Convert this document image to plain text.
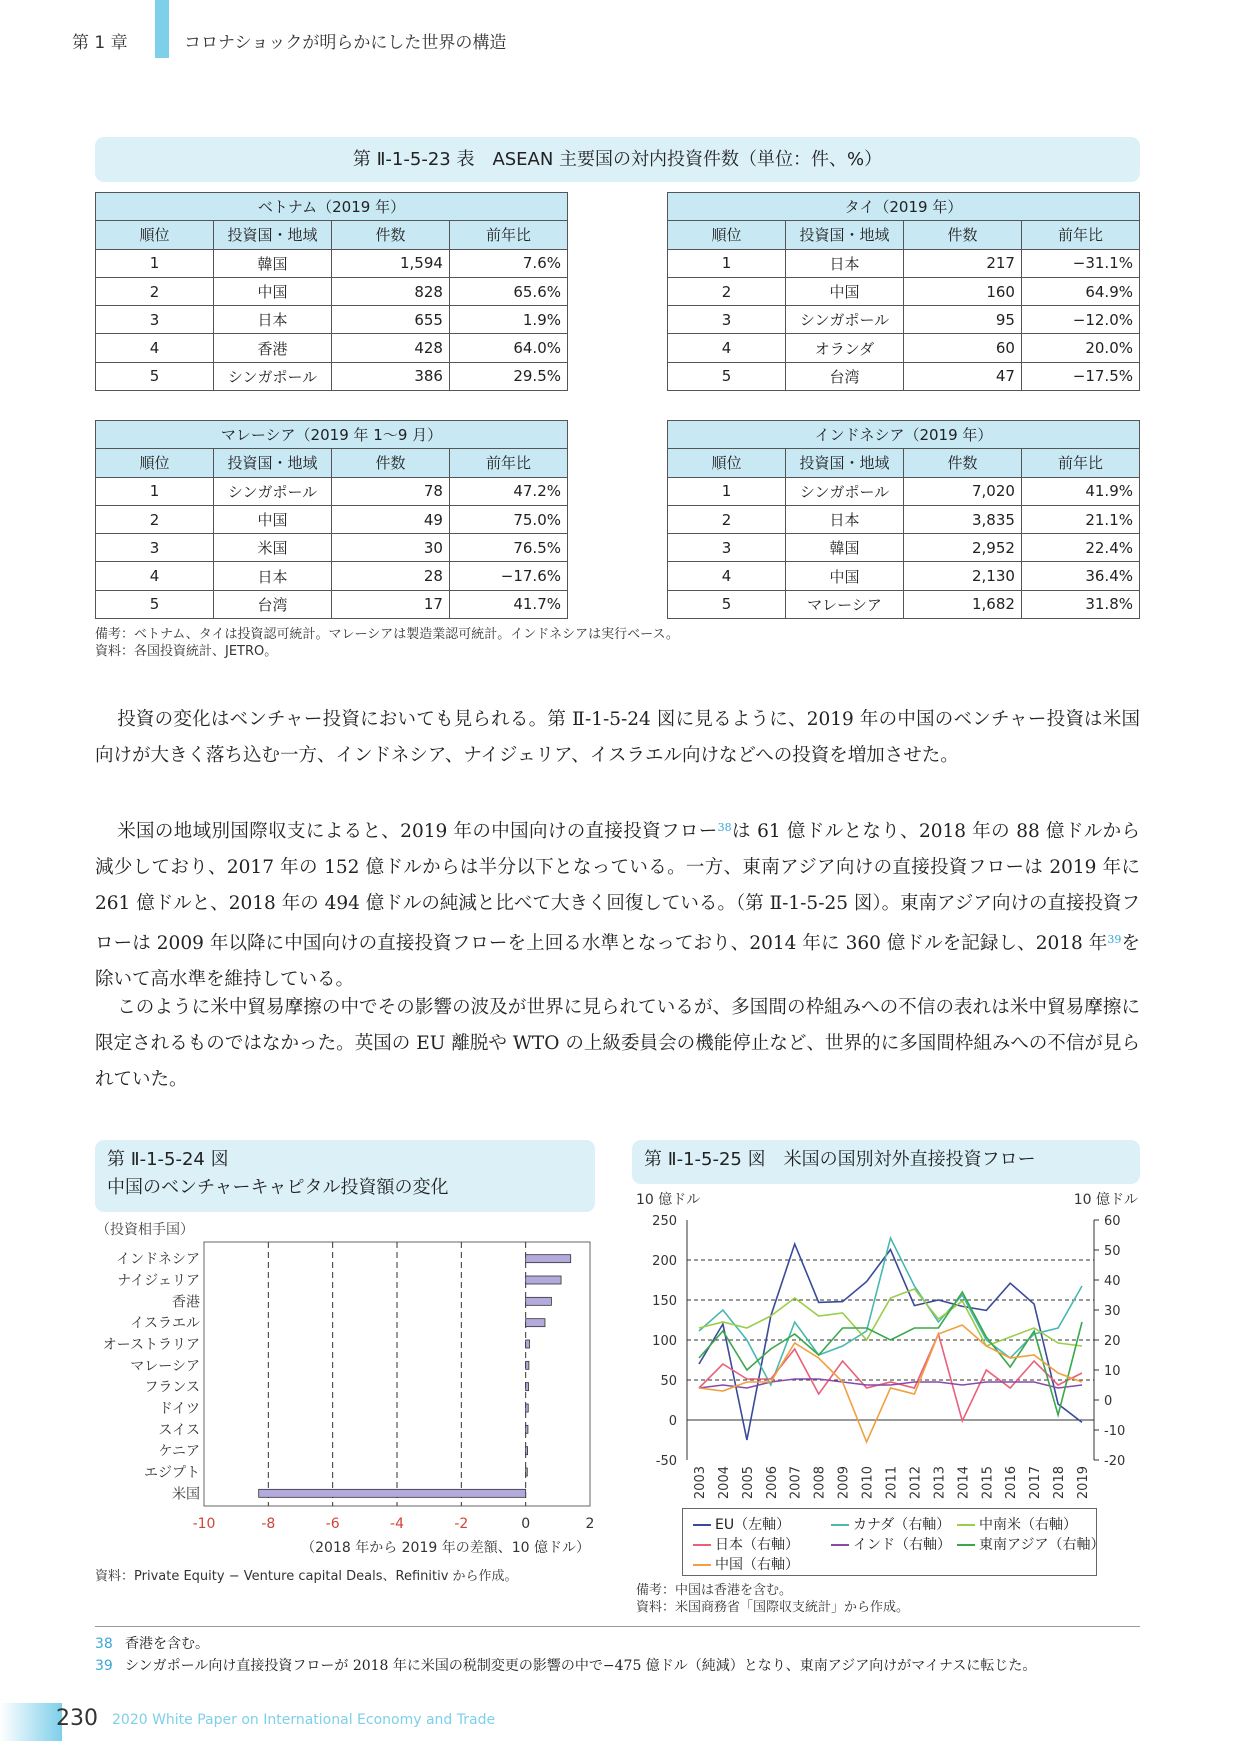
第 1 章	コロナショックが明らかにした世界の構造
第 Ⅱ-1-5-23 表　ASEAN 主要国の対内投資件数（単位：件、%）
ベトナム（2019 年）			
順位	投資国・地域	件数	前年比
1	韓国	1,594	7.6%
2	中国	828	65.6%
3	日本	655	1.9%
4	香港	428	64.0%
5	シンガポール	386	29.5%
タイ（2019 年）			
順位	投資国・地域	件数	前年比
1	日本	217	−31.1%
2	中国	160	64.9%
3	シンガポール	95	−12.0%
4	オランダ	60	20.0%
5	台湾	47	−17.5%
マレーシア（2019 年 1〜9 月）			
順位	投資国・地域	件数	前年比
1	シンガポール	78	47.2%
2	中国	49	75.0%
3	米国	30	76.5%
4	日本	28	−17.6%
5	台湾	17	41.7%
インドネシア（2019 年）			
順位	投資国・地域	件数	前年比
1	シンガポール	7,020	41.9%
2	日本	3,835	21.1%
3	韓国	2,952	22.4%
4	中国	2,130	36.4%
5	マレーシア	1,682	31.8%
備考：ベトナム、タイは投資認可統計。マレーシアは製造業認可統計。インドネシアは実行ベース。
資料：各国投資統計、JETRO。
投資の変化はベンチャー投資においても見られる。第 Ⅱ-1-5-24 図に見るように、2019 年の中国のベンチャー投資は米国向けが大きく落ち込む一方、インドネシア、ナイジェリア、イスラエル向けなどへの投資を増加させた。
米国の地域別国際収支によると、2019 年の中国向けの直接投資フロー$^{38}$は 61 億ドルとなり、2018 年の 88 億ドルから減少しており、2017 年の 152 億ドルからは半分以下となっている。一方、東南アジア向けの直接投資フローは 2019 年に 261 億ドルと、2018 年の 494 億ドルの純減と比べて大きく回復している。（第 Ⅱ-1-5-25 図）。東南アジア向けの直接投資フローは 2009 年以降に中国向けの直接投資フローを上回る水準となっており、2014 年に 360 億ドルを記録し、2018 年$^{39}$を除いて高水準を維持している。
このように米中貿易摩擦の中でその影響の波及が世界に見られているが、多国間の枠組みへの不信の表れは米中貿易摩擦に限定されるものではなかった。英国の EU 離脱や WTO の上級委員会の機能停止など、世界的に多国間枠組みへの不信が見られていた。
第 Ⅱ-1-5-24 図
中国のベンチャーキャピタル投資額の変化
（投資相手国）
-10	-8	-6	-4	-2	0	2
インドネシア
ナイジェリア
香港
イスラエル
オーストラリア
マレーシア
フランス
ドイツ
スイス
ケニア
エジプト
米国
（2018 年から 2019 年の差額、10 億ドル）
資料：Private Equity − Venture capital Deals、Refinitiv から作成。
第 Ⅱ-1-5-25 図　米国の国別対外直接投資フロー
10 億ドル	10 億ドル
250
200
150
100
50
0
-50
60
50
40
30
20
10
0
-10
-20
2003 2004 2005 2006 2007 2008 2009 2010 2011 2012 2013 2014 2015 2016 2017 2018 2019
EU（左軸）	カナダ（右軸）	中南米（右軸）
日本（右軸）	インド（右軸）	東南アジア（右軸）
中国（右軸）
備考：中国は香港を含む。
資料：米国商務省「国際収支統計」から作成。
38 香港を含む。
39 シンガポール向け直接投資フローが 2018 年に米国の税制変更の影響の中で−475 億ドル（純減）となり、東南アジア向けがマイナスに転じた。
230 2020 White Paper on International Economy and Trade
